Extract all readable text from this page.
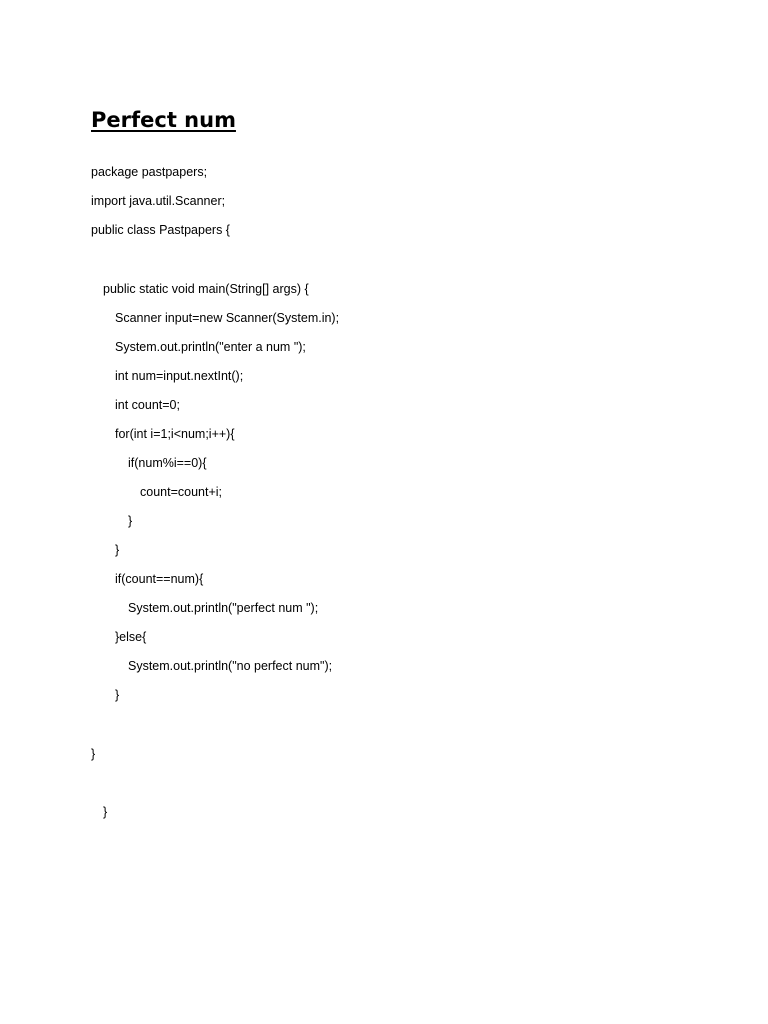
Perfect num
package pastpapers;
import java.util.Scanner;
public class Pastpapers {
public static void main(String[] args) {
Scanner input=new Scanner(System.in);
System.out.println("enter a num ");
int num=input.nextInt();
int count=0;
for(int i=1;i<num;i++){
if(num%i==0){
count=count+i;
}
}
if(count==num){
System.out.println("perfect num ");
}else{
System.out.println("no perfect num");
}
}
}
